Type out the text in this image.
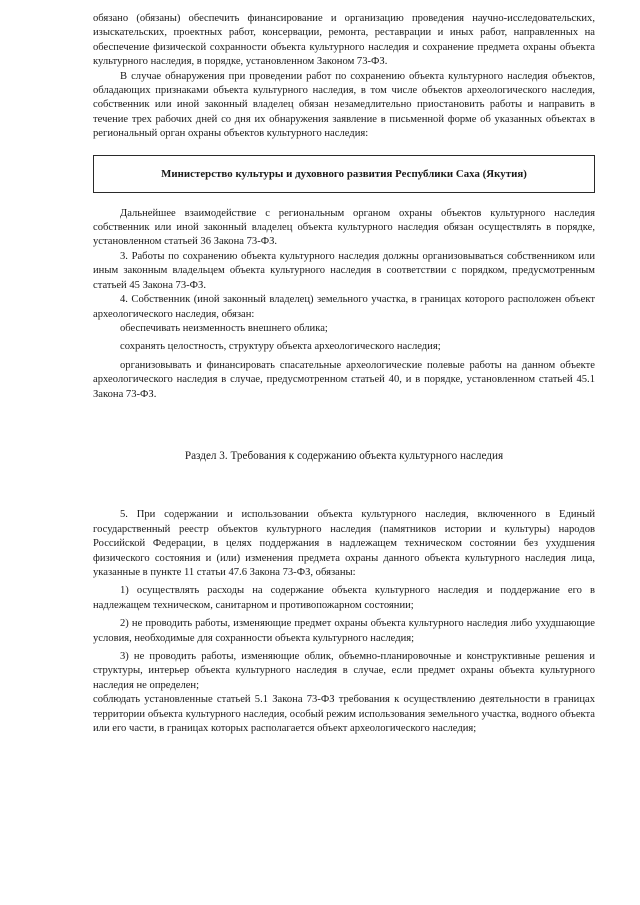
обязано (обязаны) обеспечить финансирование и организацию проведения научно-исследовательских, изыскательских, проектных работ, консервации, ремонта, реставрации и иных работ, направленных на обеспечение физической сохранности объекта культурного наследия и сохранение предмета охраны объекта культурного наследия, в порядке, установленном Законом 73-ФЗ.

В случае обнаружения при проведении работ по сохранению объекта культурного наследия объектов, обладающих признаками объекта культурного наследия, в том числе объектов археологического наследия, собственник или иной законный владелец обязан незамедлительно приостановить работы и направить в течение трех рабочих дней со дня их обнаружения заявление в письменной форме об указанных объектах в региональный орган охраны объектов культурного наследия:

Министерство культуры и духовного развития Республики Саха (Якутия)

Дальнейшее взаимодействие с региональным органом охраны объектов культурного наследия собственник или иной законный владелец объекта культурного наследия обязан осуществлять в порядке, установленном статьей 36 Закона 73-ФЗ.

3. Работы по сохранению объекта культурного наследия должны организовываться собственником или иным законным владельцем объекта культурного наследия в соответствии с порядком, предусмотренным статьей 45 Закона 73-ФЗ.

4. Собственник (иной законный владелец) земельного участка, в границах которого расположен объект археологического наследия, обязан:

обеспечивать неизменность внешнего облика;

сохранять целостность, структуру объекта археологического наследия;

организовывать и финансировать спасательные археологические полевые работы на данном объекте археологического наследия в случае, предусмотренном статьей 40, и в порядке, установленном статьей 45.1 Закона 73-ФЗ.

Раздел 3. Требования к содержанию объекта культурного наследия

5. При содержании и использовании объекта культурного наследия, включенного в Единый государственный реестр объектов культурного наследия (памятников истории и культуры) народов Российской Федерации, в целях поддержания в надлежащем техническом состоянии без ухудшения физического состояния и (или) изменения предмета охраны данного объекта культурного наследия лица, указанные в пункте 11 статьи 47.6 Закона 73-ФЗ, обязаны:

1) осуществлять расходы на содержание объекта культурного наследия и поддержание его в надлежащем техническом, санитарном и противопожарном состоянии;

2) не проводить работы, изменяющие предмет охраны объекта культурного наследия либо ухудшающие условия, необходимые для сохранности объекта культурного наследия;

3) не проводить работы, изменяющие облик, объемно-планировочные и конструктивные решения и структуры, интерьер объекта культурного наследия в случае, если предмет охраны объекта культурного наследия не определен;

соблюдать установленные статьей 5.1 Закона 73-ФЗ требования к осуществлению деятельности в границах территории объекта культурного наследия, особый режим использования земельного участка, водного объекта или его части, в границах которых располагается объект археологического наследия;
